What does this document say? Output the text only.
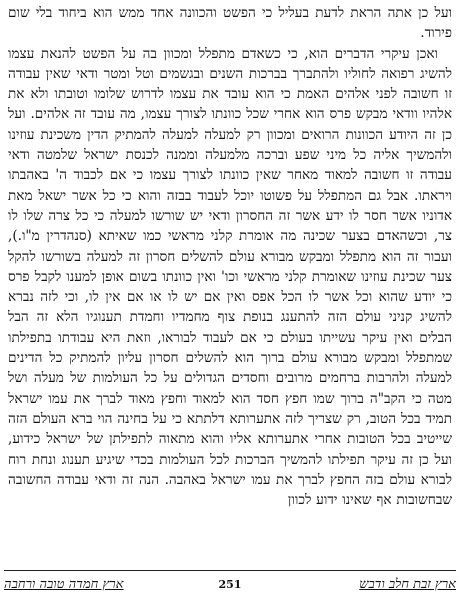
ועל כן אתה הראת לדעת בעליל כי הפשט והכוונה אחד ממש הוא ביחוד בלי שום פירוד.

ואכן עיקרי הדברים הוא, כי כשאדם מתפלל ומכוון בה על הפשט להנאת עצמו להשיג רפואה לחוליו ולהתברך בברכות השנים ובגשמים וטל ומטר ודאי שאין עבודה זו חשובה לפני אלהים האמת כי הוא עובד את עצמו לדרוש שלומו וטובתו ולא את אלהיו וודאי מבקש פרס הוא אחרי שכל כוונתו לצורך עצמו, מה עובד זה אלהים. ועל כן זה היודע הכוונות הרואים ומכוון רק למעלה למעלה להמתיק הדין משכינת עוזינו ולהמשיך אליה כל מיני שפע וברכה מלמעלה וממנה לכנסת ישראל שלמטה ודאי עבודה זו חשובה למאוד מאחר שאין כוונתו לצורך עצמו כי אם לכבוד ה' באהבתו ויראתו. אבל גם המתפלל על פשוטו יוכל לעבוד בבזה והוא כי כל אשר ישאל מאת אדוניו אשר חסר לו ידע אשר זה החסרון ודאי יש שורשו למעלה כי כל צרה שלו לו צר, וכשהאדם בצער שכינה מה אומרת קלני מראשי כמו שאיתא (סנהדרין מ"ו.), ועבור זה הוא מתפלל ומבקש מבורא עולם להשלים חסרון זה למעלה בשורשו להקל צער שכינת עוזינו שאומרת קלני מראשי וכו' ואין כוונתו בשום אופן למענו לקבל פרס כי יודע שהוא וכל אשר לו הכל אפס ואין אם יש לו או אם אין לו, וכי לזה נברא להשיג קניני עולם הזה להתענג בנופת צוף מחמדיו וחמדת תענוגיו הלא זה הבל הבלים ואין עיקר עשייתו בעולם כי אם לעבוד לבוראו, וזאת היא עבודתו בתפילתו שמתפלל ומבקש מבורא עולם ברוך הוא להשלים חסרון עליון להמתיק כל הדינים למעלה ולהרבות ברחמים מרובים וחסדים הגדולים על כל העולמות של מעלה ושל מטה כי הקב"ה ברוך שמו חפץ חסד הוא למאוד וחפץ מאוד לברך את עמו ישראל תמיד בכל הטוב, רק שצריך לזה אתערותא דלתתא כי על בחינה הוי ברא העולם הזה שייטיב בכל הטובות אחרי אתערותא אליו והוא מתאוה לתפילתן של ישראל כידוע, ועל כן זה עיקר תפילתו להמשיך הברכות לכל העולמות בכדי שיגיע תענוג ונחת רוח לבורא עולם בזה החפץ לברך את עמו ישראל באהבה. הנה זה ודאי עבודה החשובה שבחשובות אף שאינו ידוע לכוון

ארץ זבת חלב ודבש
251
ארץ חמדה טובה ורחבה
